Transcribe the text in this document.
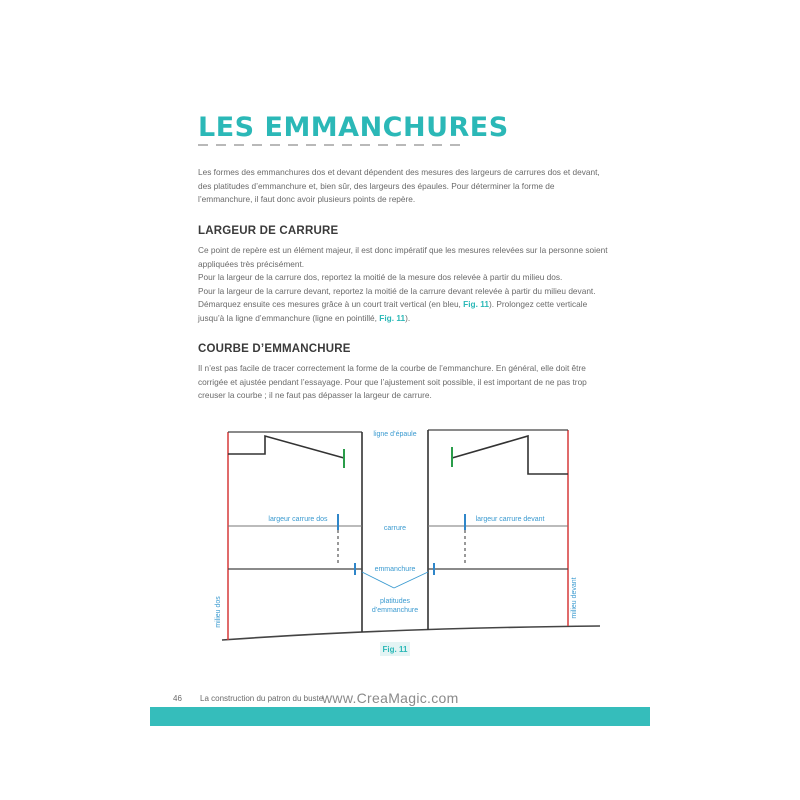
LES EMMANCHURES

Les formes des emmanchures dos et devant dépendent des mesures des largeurs de carrures dos et devant, des platitudes d’emmanchure et, bien sûr, des largeurs des épaules. Pour déterminer la forme de l’emmanchure, il faut donc avoir plusieurs points de repère.

LARGEUR DE CARRURE

Ce point de repère est un élément majeur, il est donc impératif que les mesures relevées sur la personne soient appliquées très précisément.

Pour la largeur de la carrure dos, reportez la moitié de la mesure dos relevée à partir du milieu dos.

Pour la largeur de la carrure devant, reportez la moitié de la carrure devant relevée à partir du milieu devant. Démarquez ensuite ces mesures grâce à un court trait vertical (en bleu, Fig. 11). Prolongez cette verticale jusqu’à la ligne d’emmanchure (ligne en pointillé, Fig. 11).

COURBE D’EMMANCHURE

Il n’est pas facile de tracer correctement la forme de la courbe de l’emmanchure. En général, elle doit être corrigée et ajustée pendant l’essayage. Pour que l’ajustement soit possible, il est important de ne pas trop creuser la courbe ; il ne faut pas dépasser la largeur de carrure.

ligne d’épaule
largeur carrure dos
carrure
largeur carrure devant
emmanchure
platitudes
d’emmanchure
milieu dos	milieu devant
Fig. 11
46 La construction du patron du buste
www.CreaMagic.com
